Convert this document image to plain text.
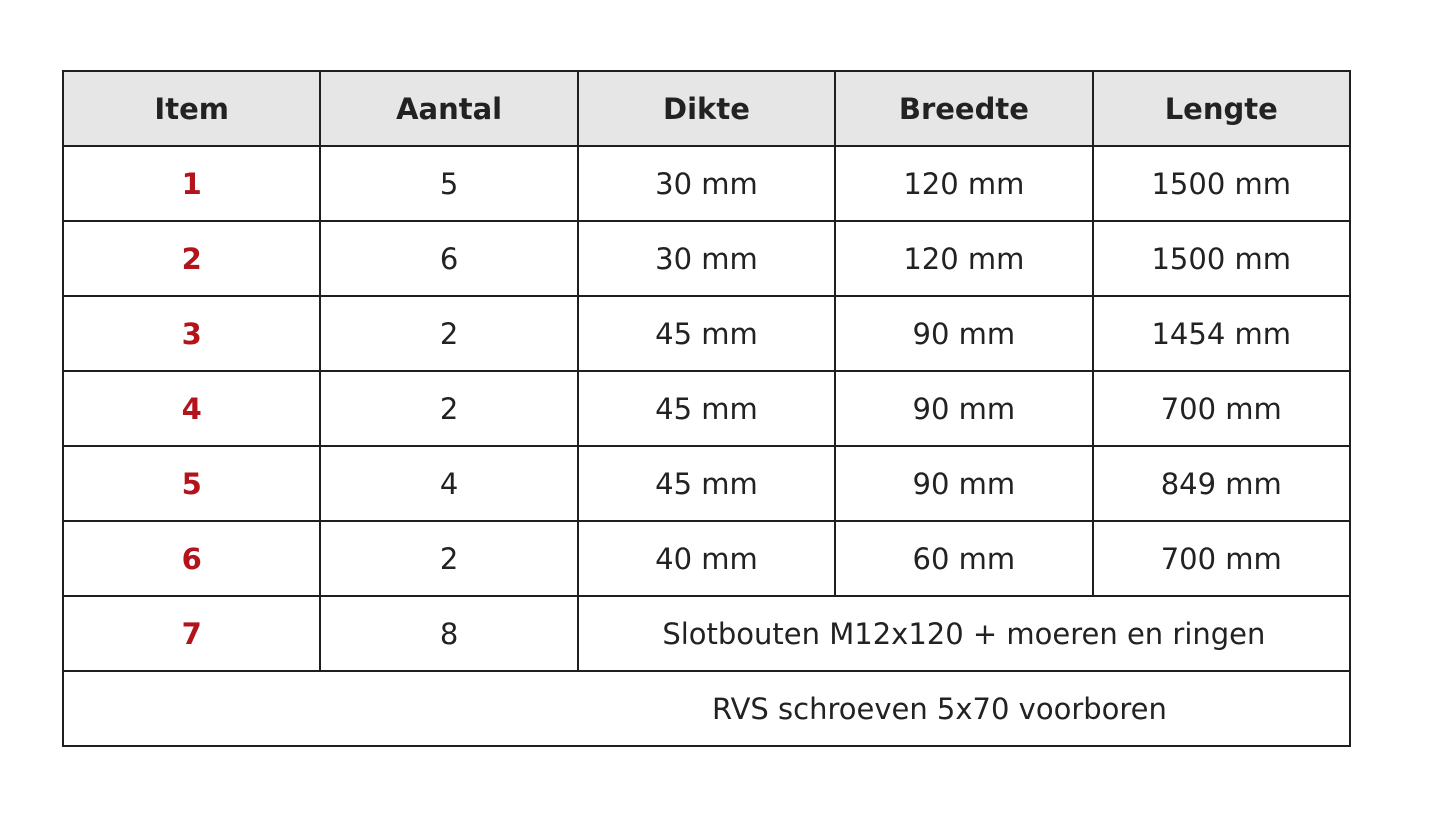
Item	Aantal	Dikte	Breedte	Lengte
1	5	30 mm	120 mm	1500 mm
2	6	30 mm	120 mm	1500 mm
3	2	45 mm	90 mm	1454 mm
4	2	45 mm	90 mm	700 mm
5	4	45 mm	90 mm	849 mm
6	2	40 mm	60 mm	700 mm
7	8	Slotbouten M12x120 + moeren en ringen		
RVS schroeven 5x70 voorboren				
